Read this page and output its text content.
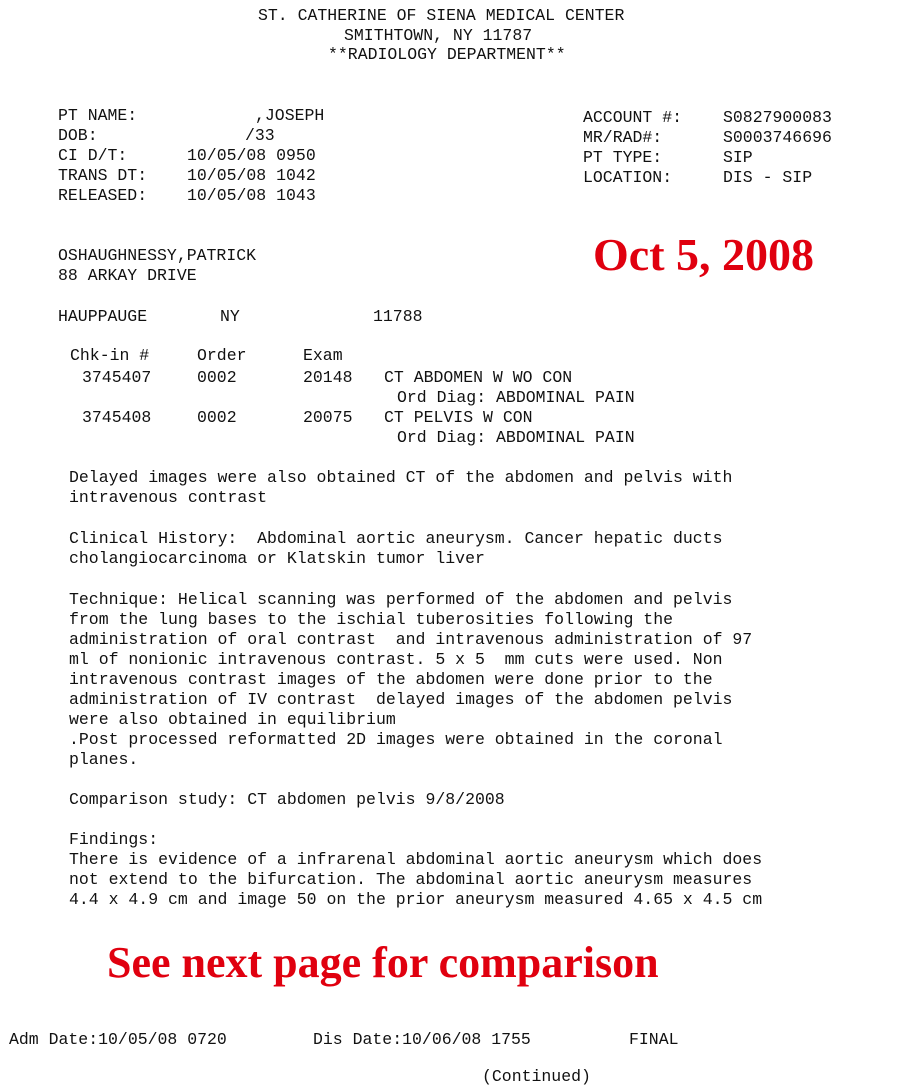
ST. CATHERINE OF SIENA MEDICAL CENTER
SMITHTOWN, NY 11787
**RADIOLOGY DEPARTMENT**
PT NAME:	,JOSEPH
DOB:	/33
CI D/T:	10/05/08 0950
TRANS DT: 10/05/08 1042
RELEASED: 10/05/08 1043
ACCOUNT #: S0827900083
MR/RAD#:	S0003746696
PT TYPE:	SIP
LOCATION:	DIS - SIP
OSHAUGHNESSY,PATRICK
88 ARKAY DRIVE
HAUPPAUGE	NY	11788
Oct 5, 2008
Chk-in #	Order	Exam
3745407	0002	20148 CT ABDOMEN W WO CON
Ord Diag: ABDOMINAL PAIN
3745408	0002	20075 CT PELVIS W CON
Ord Diag: ABDOMINAL PAIN
Delayed images were also obtained CT of the abdomen and pelvis with
intravenous contrast
Clinical History:  Abdominal aortic aneurysm. Cancer hepatic ducts
cholangiocarcinoma or Klatskin tumor liver
Technique: Helical scanning was performed of the abdomen and pelvis
from the lung bases to the ischial tuberosities following the
administration of oral contrast  and intravenous administration of 97
ml of nonionic intravenous contrast. 5 x 5  mm cuts were used. Non
intravenous contrast images of the abdomen were done prior to the
administration of IV contrast  delayed images of the abdomen pelvis
were also obtained in equilibrium
.Post processed reformatted 2D images were obtained in the coronal
planes.
Comparison study: CT abdomen pelvis 9/8/2008
Findings:
There is evidence of a infrarenal abdominal aortic aneurysm which does
not extend to the bifurcation. The abdominal aortic aneurysm measures
4.4 x 4.9 cm and image 50 on the prior aneurysm measured 4.65 x 4.5 cm
See next page for comparison
Adm Date:10/05/08 0720	Dis Date:10/06/08 1755	FINAL
(Continued)
